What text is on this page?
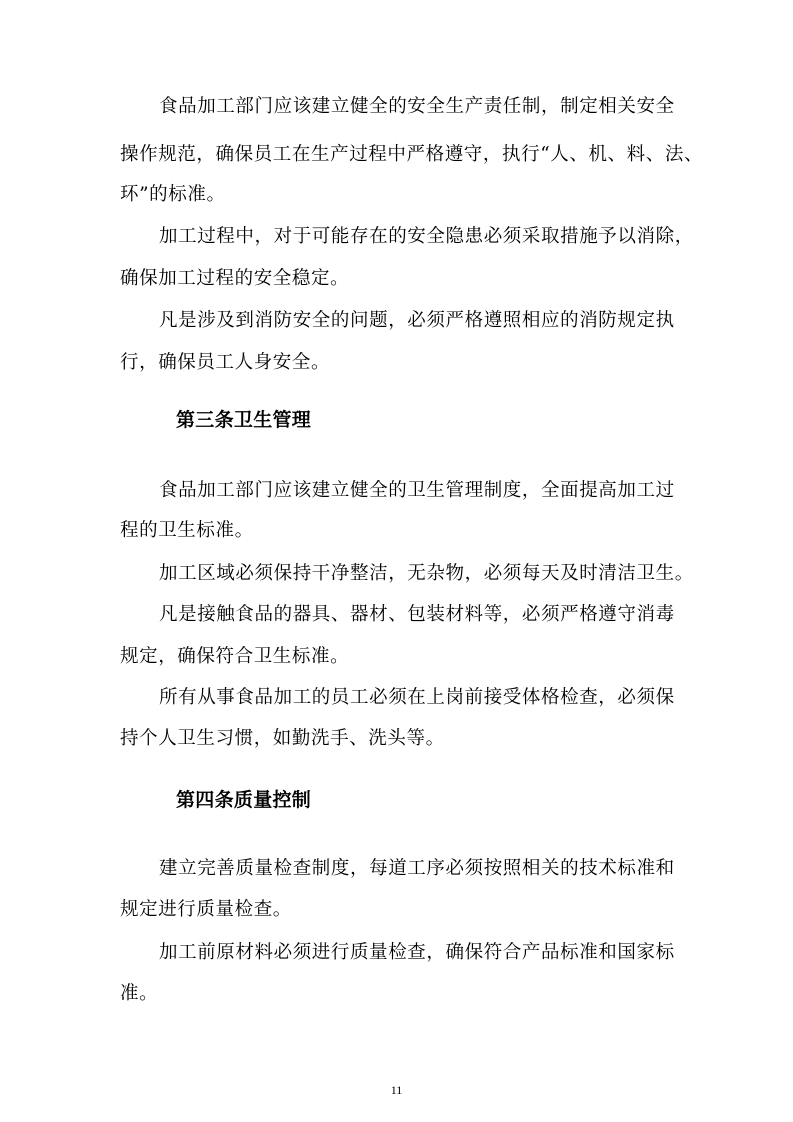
食品加工部门应该建立健全的安全生产责任制，制定相关安全
操作规范，确保员工在生产过程中严格遵守，执行“人、机、料、法、
环”的标准。
加工过程中，对于可能存在的安全隐患必须采取措施予以消除，
确保加工过程的安全稳定。
凡是涉及到消防安全的问题，必须严格遵照相应的消防规定执
行，确保员工人身安全。
第三条卫生管理
食品加工部门应该建立健全的卫生管理制度，全面提高加工过
程的卫生标准。
加工区域必须保持干净整洁，无杂物，必须每天及时清洁卫生。
凡是接触食品的器具、器材、包装材料等，必须严格遵守消毒
规定，确保符合卫生标准。
所有从事食品加工的员工必须在上岗前接受体格检查，必须保
持个人卫生习惯，如勤洗手、洗头等。
第四条质量控制
建立完善质量检查制度，每道工序必须按照相关的技术标准和
规定进行质量检查。
加工前原材料必须进行质量检查，确保符合产品标准和国家标
准。
11
